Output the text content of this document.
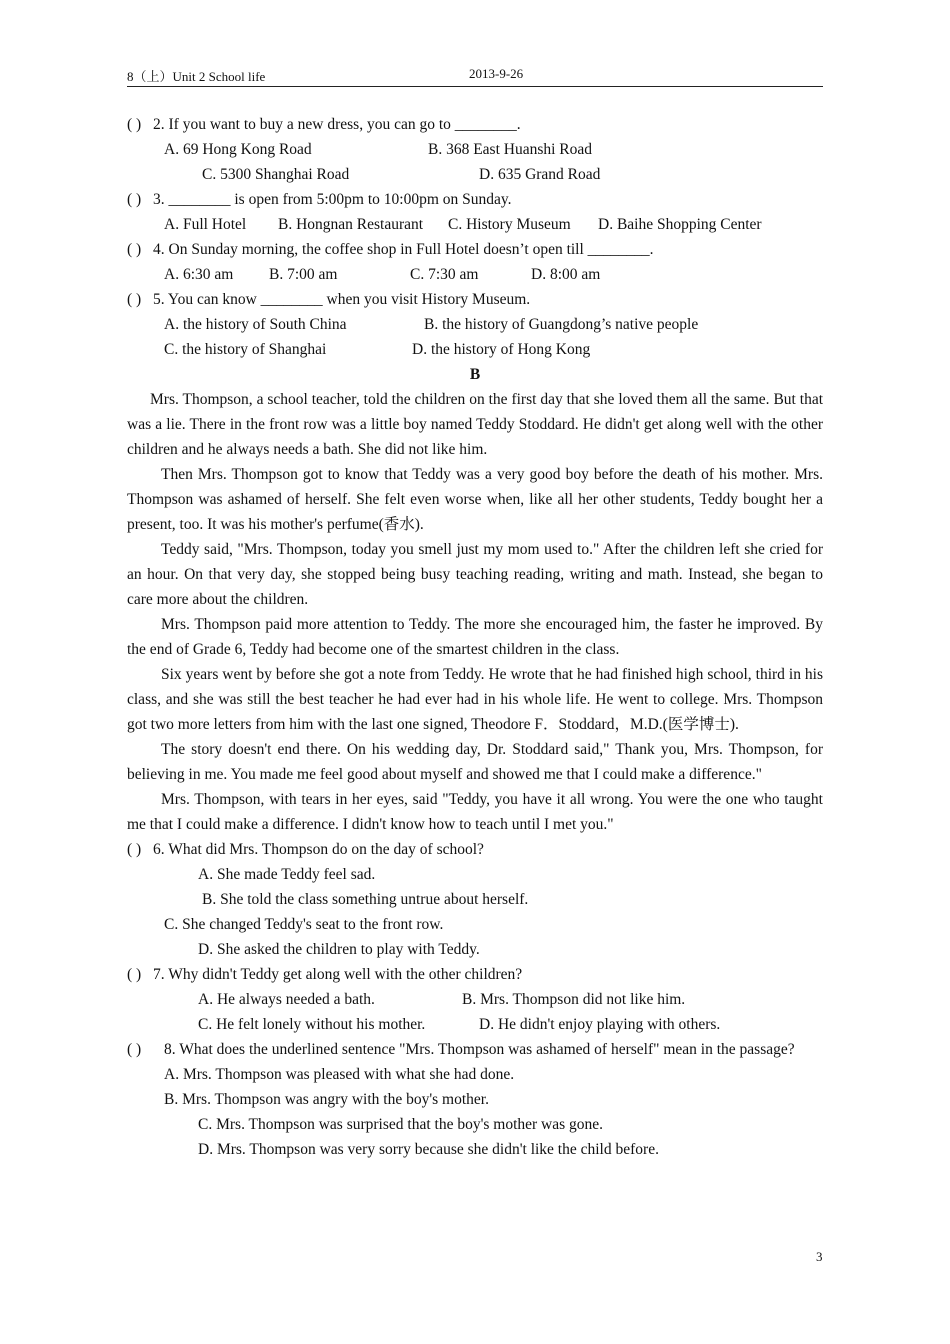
8（上）Unit 2 School life	2013-9-26
( ) 2. If you want to buy a new dress, you can go to ________.
A. 69 Hong Kong Road	B. 368 East Huanshi Road
C. 5300 Shanghai Road	D. 635 Grand Road
( ) 3. ________ is open from 5:00pm to 10:00pm on Sunday.
A. Full Hotel B. Hongnan Restaurant C. History Museum D. Baihe Shopping Center
( ) 4. On Sunday morning, the coffee shop in Full Hotel doesn’t open till ________.
A. 6:30 am B. 7:00 am	C. 7:30 am	D. 8:00 am
( ) 5. You can know ________ when you visit History Museum.
A. the history of South China	B. the history of Guangdong’s native people
C. the history of Shanghai	D. the history of Hong Kong
B

Mrs. Thompson, a school teacher, told the children on the first day that she loved them all the same. But that was a lie. There in the front row was a little boy named Teddy Stoddard. He didn't get along well with the other children and he always needs a bath. She did not like him.

Then Mrs. Thompson got to know that Teddy was a very good boy before the death of his mother. Mrs. Thompson was ashamed of herself. She felt even worse when, like all her other students, Teddy bought her a present, too. It was his mother's perfume(香水).

Teddy said, "Mrs. Thompson, today you smell just my mom used to." After the children left she cried for an hour. On that very day, she stopped being busy teaching reading, writing and math. Instead, she began to care more about the children.

Mrs. Thompson paid more attention to Teddy. The more she encouraged him, the faster he improved. By the end of Grade 6, Teddy had become one of the smartest children in the class.

Six years went by before she got a note from Teddy. He wrote that he had finished high school, third in his class, and she was still the best teacher he had ever had in his whole life. He went to college. Mrs. Thompson got two more letters from him with the last one signed, Theodore F．Stoddard，M.D.(医学博士).

The story doesn't end there. On his wedding day, Dr. Stoddard said," Thank you, Mrs. Thompson, for believing in me. You made me feel good about myself and showed me that I could make a difference."

Mrs. Thompson, with tears in her eyes, said "Teddy, you have it all wrong. You were the one who taught me that I could make a difference. I didn't know how to teach until I met you."

( ) 6. What did Mrs. Thompson do on the day of school?
A. She made Teddy feel sad.
B. She told the class something untrue about herself.
C. She changed Teddy's seat to the front row.
D. She asked the children to play with Teddy.
( ) 7. Why didn't Teddy get along well with the other children?
A. He always needed a bath.	B. Mrs. Thompson did not like him.
C. He felt lonely without his mother.	D. He didn't enjoy playing with others.
( ) 8. What does the underlined sentence "Mrs. Thompson was ashamed of herself" mean in the passage?
A. Mrs. Thompson was pleased with what she had done.
B. Mrs. Thompson was angry with the boy's mother.
C. Mrs. Thompson was surprised that the boy's mother was gone.
D. Mrs. Thompson was very sorry because she didn't like the child before.
3
